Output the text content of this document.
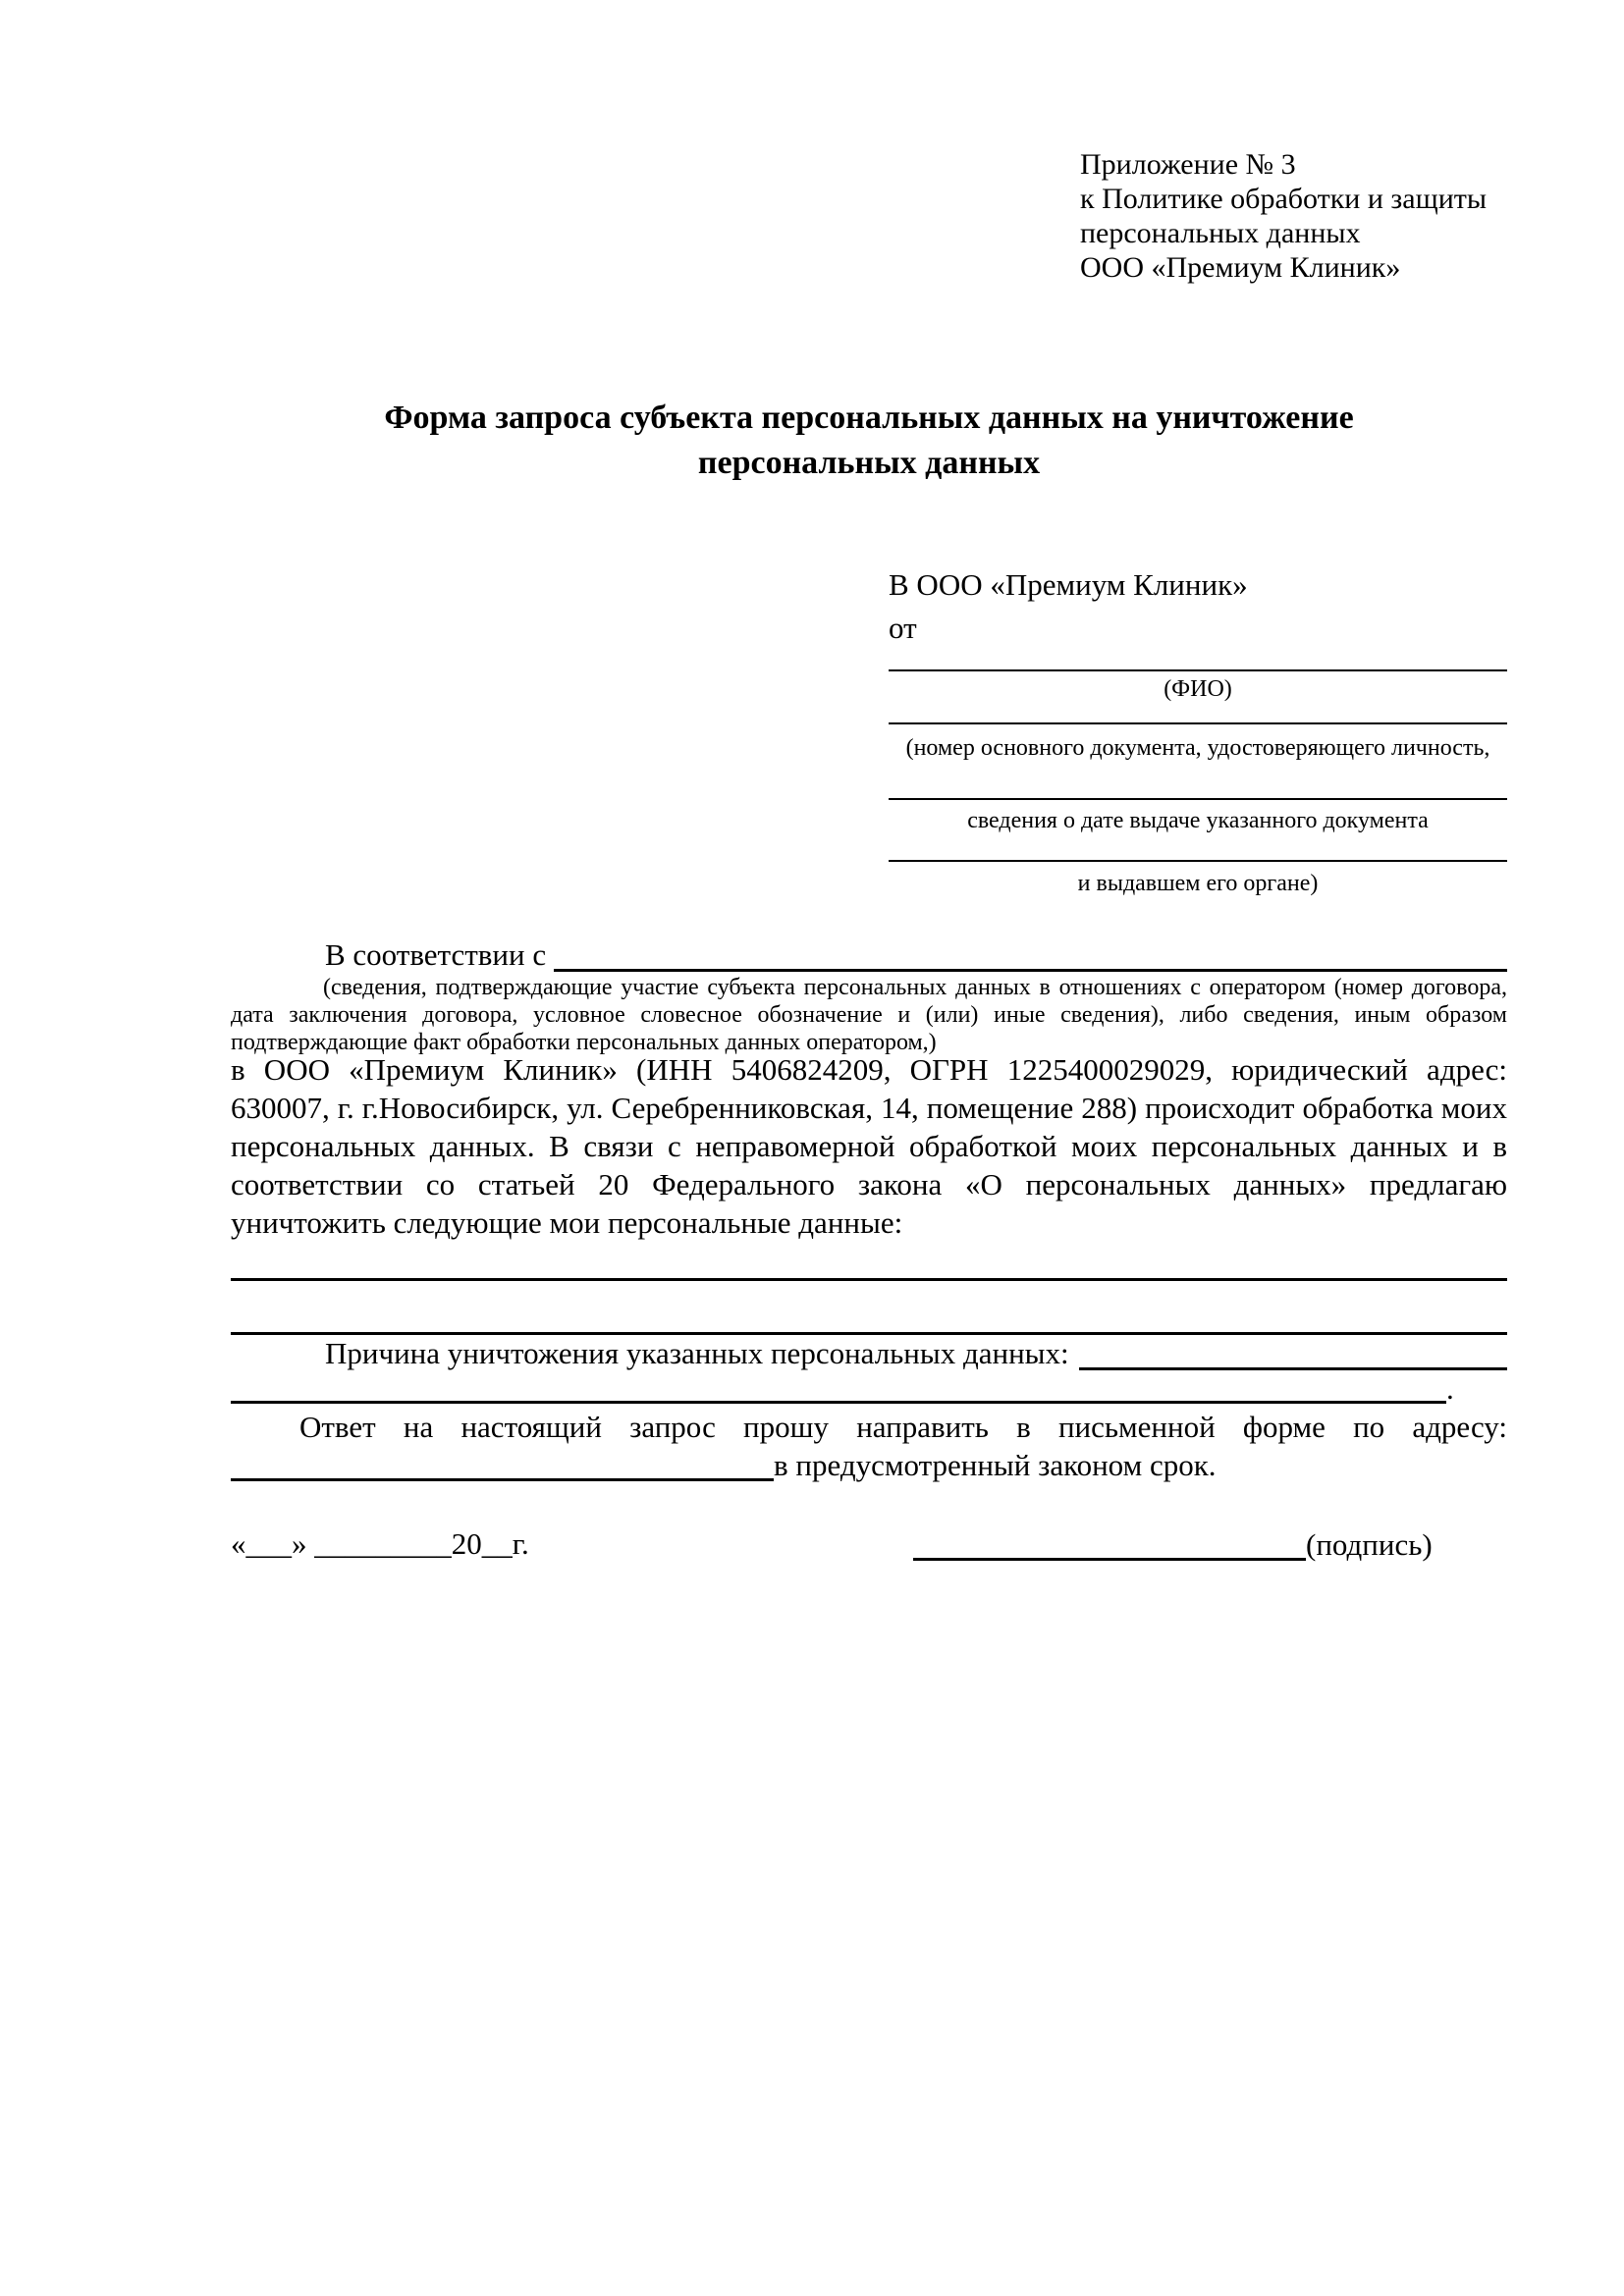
Приложение № 3
к Политике обработки и защиты
персональных данных
ООО «Премиум Клиник»
Форма запроса субъекта персональных данных на уничтожение
персональных данных
В ООО «Премиум Клиник»
от
(ФИО)
(номер основного документа, удостоверяющего личность,
сведения о дате выдаче указанного документа
и выдавшем его органе)
В соответствии с
(сведения, подтверждающие участие субъекта персональных данных в отношениях с оператором (номер договора, дата заключения договора, условное словесное обозначение и (или) иные сведения), либо сведения, иным образом подтверждающие факт обработки персональных данных оператором,)
в ООО «Премиум Клиник» (ИНН 5406824209, ОГРН 1225400029029, юридический адрес: 630007, г. г.Новосибирск, ул. Серебренниковская, 14, помещение 288) происходит обработка моих персональных данных. В связи с неправомерной обработкой моих персональных данных и в соответствии со статьей 20 Федерального закона «О персональных данных» предлагаю уничтожить следующие мои персональные данные:
Причина уничтожения указанных персональных данных:
.
Ответ на настоящий запрос прошу направить в письменной форме по адресу:
в предусмотренный законом срок.
«___» _________20__г.	(подпись)
